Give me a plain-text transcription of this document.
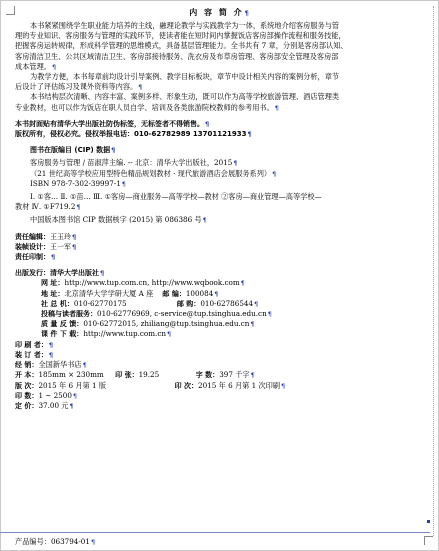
内 容 简 介¶
本书紧紧围绕学生职业能力培养的主线，融理论教学与实践教学为一体，系统地介绍客房服务与管
理的专业知识、客房服务与管理的实践环节，使读者能在短时间内掌握饭店客房部操作流程和服务技能，
把握客房运转规律，形成科学管理的思维模式，具备基层管理能力。全书共有 7 章，分别是客房部认知、
客房清洁卫生、公共区域清洁卫生、客房部接待服务、洗衣房及布草房管理、客房部安全管理及客房部
成本管理。¶
为教学方便，本书每章前均设计引导案例、教学目标板块，章节中设计相关内容的案例分析，章节
后设计了评估练习及课外资料等内容。¶
本书结构层次清晰、内容丰富、案例多样、形象生动，既可以作为高等学校旅游管理、酒店管理类
专业教材，也可以作为饭店在职人员自学、培训及各类旅游院校教师的参考用书。¶
本书封面贴有清华大学出版社防伪标签，无标签者不得销售。¶
版权所有，侵权必究。侵权举报电话：010-62782989 13701121933¶
图书在版编目 (CIP) 数据¶
客房服务与管理 / 苗淑萍主编. -- 北京：清华大学出版社，2015¶
（21 世纪高等学校应用型特色精品规划教材 · 现代旅游酒店会展服务系列）¶
ISBN 978-7-302-39997-1¶
Ⅰ. ①客… Ⅱ. ①苗… Ⅲ. ①客房—商业服务—高等学校—教材 ②客房—商业管理—高等学校—
教材 Ⅳ. ①F719.2¶
中国版本图书馆 CIP 数据核字 (2015) 第 086386 号¶
责任编辑：王玉玲¶
装帧设计：王一军¶
责任印制：¶
出版发行：清华大学出版社¶
网 址：http://www.tup.com.cn, http://www.wqbook.com¶
地 址：北京清华大学学研大厦 A 座 邮 编：100084¶
社 总 机：010-62770175	邮 购：010-62786544¶
投稿与读者服务：010-62776969, c-service@tup.tsinghua.edu.cn¶
质 量 反 馈：010-62772015, zhiliang@tup.tsinghua.edu.cn¶
课 件 下 载：http://www.tup.com.cn¶
印 刷 者：¶
装 订 者：¶
经 销：全国新华书店¶
开 本：185mm × 230mm 印 张：19.25	字 数：397 千字¶
版 次：2015 年 6 月第 1 版	印 次：2015 年 6 月第 1 次印刷¶
印 数：1 ~ 2500¶
定 价：37.00 元¶
产品编号：063794-01¶
